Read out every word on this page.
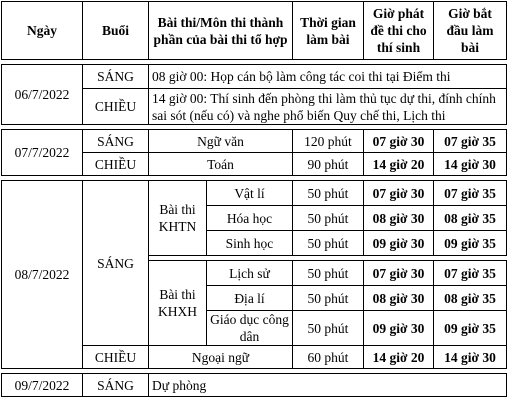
Ngày	Buổi	Bài thi/Môn thi thành phần của bài thi tổ hợp		Thời gian làm bài	Giờ phát đề thi cho thí sinh	Giờ bắt đầu làm bài

06/7/2022	SÁNG	08 giờ 00: Họp cán bộ làm công tác coi thi tại Điểm thi				
	CHIỀU	14 giờ 00: Thí sinh đến phòng thi làm thủ tục dự thi, đính chính sai sót (nếu có) và nghe phổ biến Quy chế thi, Lịch thi				

07/7/2022	SÁNG	Ngữ văn		120 phút	07 giờ 30	07 giờ 35
	CHIỀU	Toán		90 phút	14 giờ 20	14 giờ 30

08/7/2022	SÁNG	Bài thi KHTN	Vật lí	50 phút	07 giờ 30	07 giờ 35
			Hóa học	50 phút	08 giờ 30	08 giờ 35
			Sinh học	50 phút	09 giờ 30	09 giờ 35

		Bài thi KHXH	Lịch sử	50 phút	07 giờ 30	07 giờ 35
			Địa lí	50 phút	08 giờ 30	08 giờ 35
			Giáo dục công dân	50 phút	09 giờ 30	09 giờ 35
	CHIỀU	Ngoại ngữ		60 phút	14 giờ 20	14 giờ 30

09/7/2022	SÁNG	Dự phòng				
